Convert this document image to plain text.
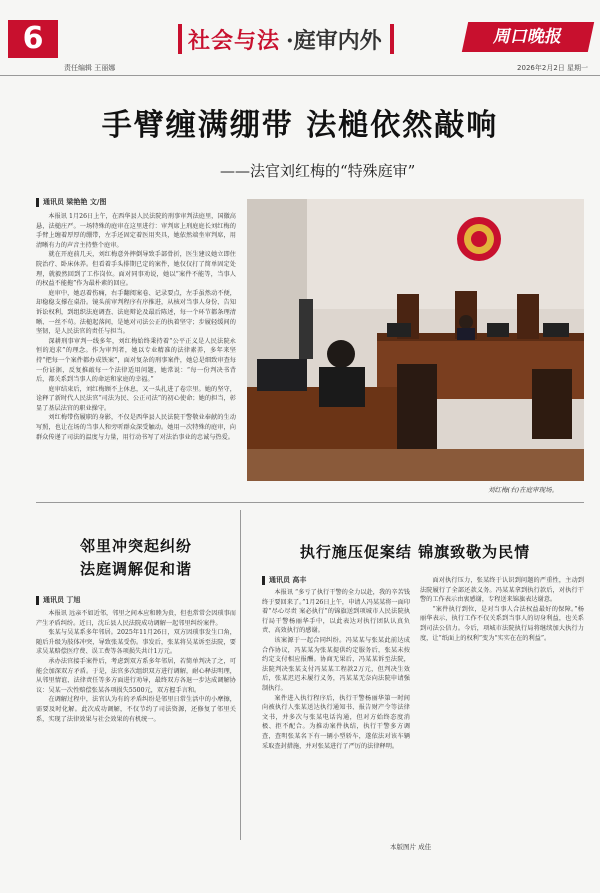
6	社会与法 ·庭审内外	周口晚报
责任编辑 王丽娜	2026年2月2日 星期一
手臂缠满绷带 法槌依然敲响
——法官刘红梅的“特殊庭审”
通讯员 梁艳艳 文/图

本报讯 1月26日上午，在西华县人民法院的刑事审判法庭里，国徽高悬，法槌庄严。一场特殊的庭审在这里进行：审判席上刑庭庭长刘红梅的手臂上缠着厚厚的绷带，左手还固定着医用夹具，她依然端坐审判席，用清晰有力的声音主持整个庭审。

就在开庭前几天，刘红梅意外摔倒导致手部骨折，医生建议她立即住院治疗、卧床休养。但看着手头排期已定的案件，她仅仅打了简单固定处理，就毅然回到了工作岗位。面对同事劝说，她以“案件不能等，当事人的权益不能拖”作为最朴素的回应。

庭审中，她忍着伤痛，右手翻阅案卷、记录要点，左手虽然动不便，却稳稳支撑在桌沿。镜头前审判程序有序推进，从核对当事人身份、告知诉讼权利，到组织法庭调查、法庭辩论及最后陈述，每一个环节都条理清晰、一丝不苟。法槌起落间，是她对司法公正的执着坚守；步履轻缓间的坚韧，是人民法官的责任与担当。

深耕刑事审判一线多年，刘红梅始终秉持着“公平正义是人民法院永恒的追求”的理念。作为审判者，她以专业精准的法律素养，多年来坚持“把每一个案件都办成铁案”，面对复杂的刑事案件，她总是细致审查每一份证据，反复推敲每一个法律适用问题，她常说：“每一份判决书背后，都关系到当事人的命运和家庭的幸福。”

庭审结束后，刘红梅顾不上休息，又一头扎进了卷宗里。她的坚守，诠释了新时代人民法官“司法为民、公正司法”的初心使命；她的担当，彰显了基层法官的职业操守。

刘红梅带伤履职的身影，不仅是西华县人民法院干警敬业奉献的生动写照，也让在场的当事人和旁听群众深受触动。她用一次特殊的庭审，向群众传递了司法的温度与力量，用行动书写了对法治事业的忠诚与热爱。

刘红梅(右)在庭审现场。
邻里冲突起纠纷
法庭调解促和谐
通讯员 丁旭

本报讯 远亲不如近邻，邻里之间本应和睦为贵，但也常常会因琐事而产生矛盾纠纷。近日，沈丘县人民法院成功调解一起邻里纠纷案件。

张某与吴某系多年邻居。2025年11月26日，双方因琐事发生口角，随后升级为肢体冲突，导致张某受伤。事发后，张某将吴某诉至法院，要求吴某赔偿医疗费、误工费等各项损失共计1万元。

承办法官接手案件后，考虑到双方系多年邻居，若简单判决了之，可能会加深双方矛盾。于是，法官多次组织双方进行调解，耐心释法明理，从邻里情谊、法律责任等多方面进行劝导，最终双方各退一步达成调解协议：吴某一次性赔偿张某各项损失5500元，双方握手言和。

在调解过程中，法官认为有的矛盾纠纷是邻里日常生活中的小摩擦，需要及时化解。此次成功调解，不仅节约了司法资源，还修复了邻里关系，实现了法律效果与社会效果的有机统一。

执行施压促案结 锦旗致敬为民情
通讯员 高丰

本报讯 “多亏了执行干警的全力以赴，我的辛苦钱终于要回来了。”1月26日上午，申请人冯某某将一面印着“尽心尽责 案必执行”的锦旗送到项城市人民法院执行局干警杨丽华手中，以此表达对执行团队认真负责、高效执行的感谢。

该案源于一起合同纠纷。冯某某与张某此前达成合作协议，冯某某为张某提供约定服务后，张某未按约定支付相应报酬。协商无果后，冯某某诉至法院，法院判决张某支付冯某某工程款2万元，但判决生效后，张某迟迟未履行义务，冯某某无奈向法院申请强制执行。

案件进入执行程序后，执行干警杨丽华第一时间向被执行人张某送达执行通知书、报告财产令等法律文书，并多次与张某电话沟通，但对方始终态度消极、拒不配合。为推动案件执结，执行干警多方调查，查明张某名下有一辆小型轿车，遂依法对该车辆采取查封措施，并对张某进行了严厉的法律释明。

面对执行压力，张某终于认识到问题的严重性，主动到法院履行了全部还款义务。冯某某拿到执行款后，对执行干警的工作表示由衷感谢，专程送来锦旗表达谢意。

“案件执行到位，是对当事人合法权益最好的保障。”杨丽华表示，执行工作不仅关系到当事人的切身利益，也关系到司法公信力。今后，项城市法院执行局将继续加大执行力度，让“纸面上的权利”变为“实实在在的利益”。

本版图片 成佳
